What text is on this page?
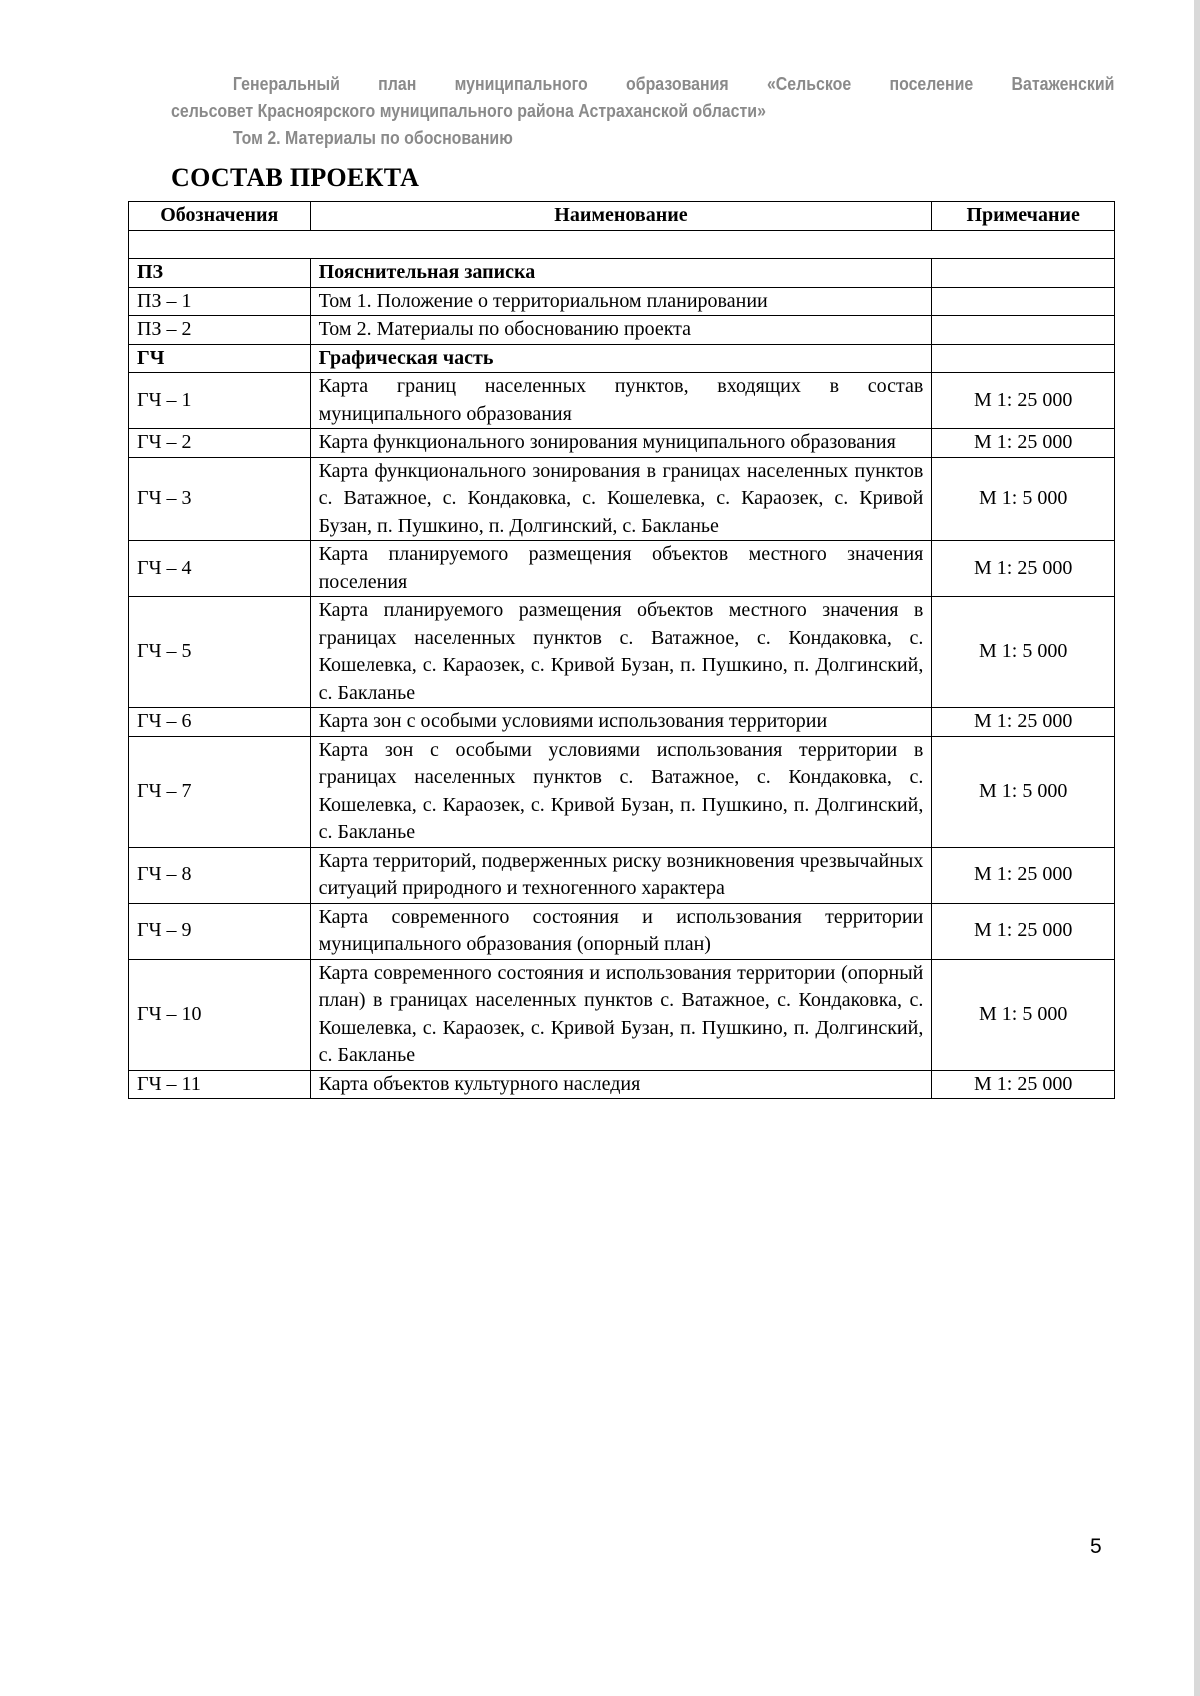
Генеральный план муниципального образования «Сельское поселение Ватаженский
сельсовет Красноярского муниципального района Астраханской области»
Том 2. Материалы по обоснованию
СОСТАВ ПРОЕКТА
Обозначения	Наименование	Примечание

ПЗ	Пояснительная записка	
ПЗ – 1	Том 1. Положение о территориальном планировании	
ПЗ – 2	Том 2. Материалы по обоснованию проекта	
ГЧ	Графическая часть	
ГЧ – 1	Карта границ населенных пунктов, входящих в состав муниципального образования	М 1: 25 000
ГЧ – 2	Карта функционального зонирования муниципального образования	М 1: 25 000
ГЧ – 3	Карта функционального зонирования в границах населенных пунктов с. Ватажное, с. Кондаковка, с. Кошелевка, с. Караозек, с. Кривой Бузан, п. Пушкино, п. Долгинский, с. Бакланье	М 1: 5 000
ГЧ – 4	Карта планируемого размещения объектов местного значения поселения	М 1: 25 000
ГЧ – 5	Карта планируемого размещения объектов местного значения в границах населенных пунктов с. Ватажное, с. Кондаковка, с. Кошелевка, с. Караозек, с. Кривой Бузан, п. Пушкино, п. Долгинский, с. Бакланье	М 1: 5 000
ГЧ – 6	Карта зон с особыми условиями использования территории	М 1: 25 000
ГЧ – 7	Карта зон с особыми условиями использования территории в границах населенных пунктов с. Ватажное, с. Кондаковка, с. Кошелевка, с. Караозек, с. Кривой Бузан, п. Пушкино, п. Долгинский, с. Бакланье	М 1: 5 000
ГЧ – 8	Карта территорий, подверженных риску возникновения чрезвычайных ситуаций природного и техногенного характера	М 1: 25 000
ГЧ – 9	Карта современного состояния и использования территории муниципального образования (опорный план)	М 1: 25 000
ГЧ – 10	Карта современного состояния и использования территории (опорный план) в границах населенных пунктов с. Ватажное, с. Кондаковка, с. Кошелевка, с. Караозек, с. Кривой Бузан, п. Пушкино, п. Долгинский, с. Бакланье	М 1: 5 000
ГЧ – 11	Карта объектов культурного наследия	М 1: 25 000
5
